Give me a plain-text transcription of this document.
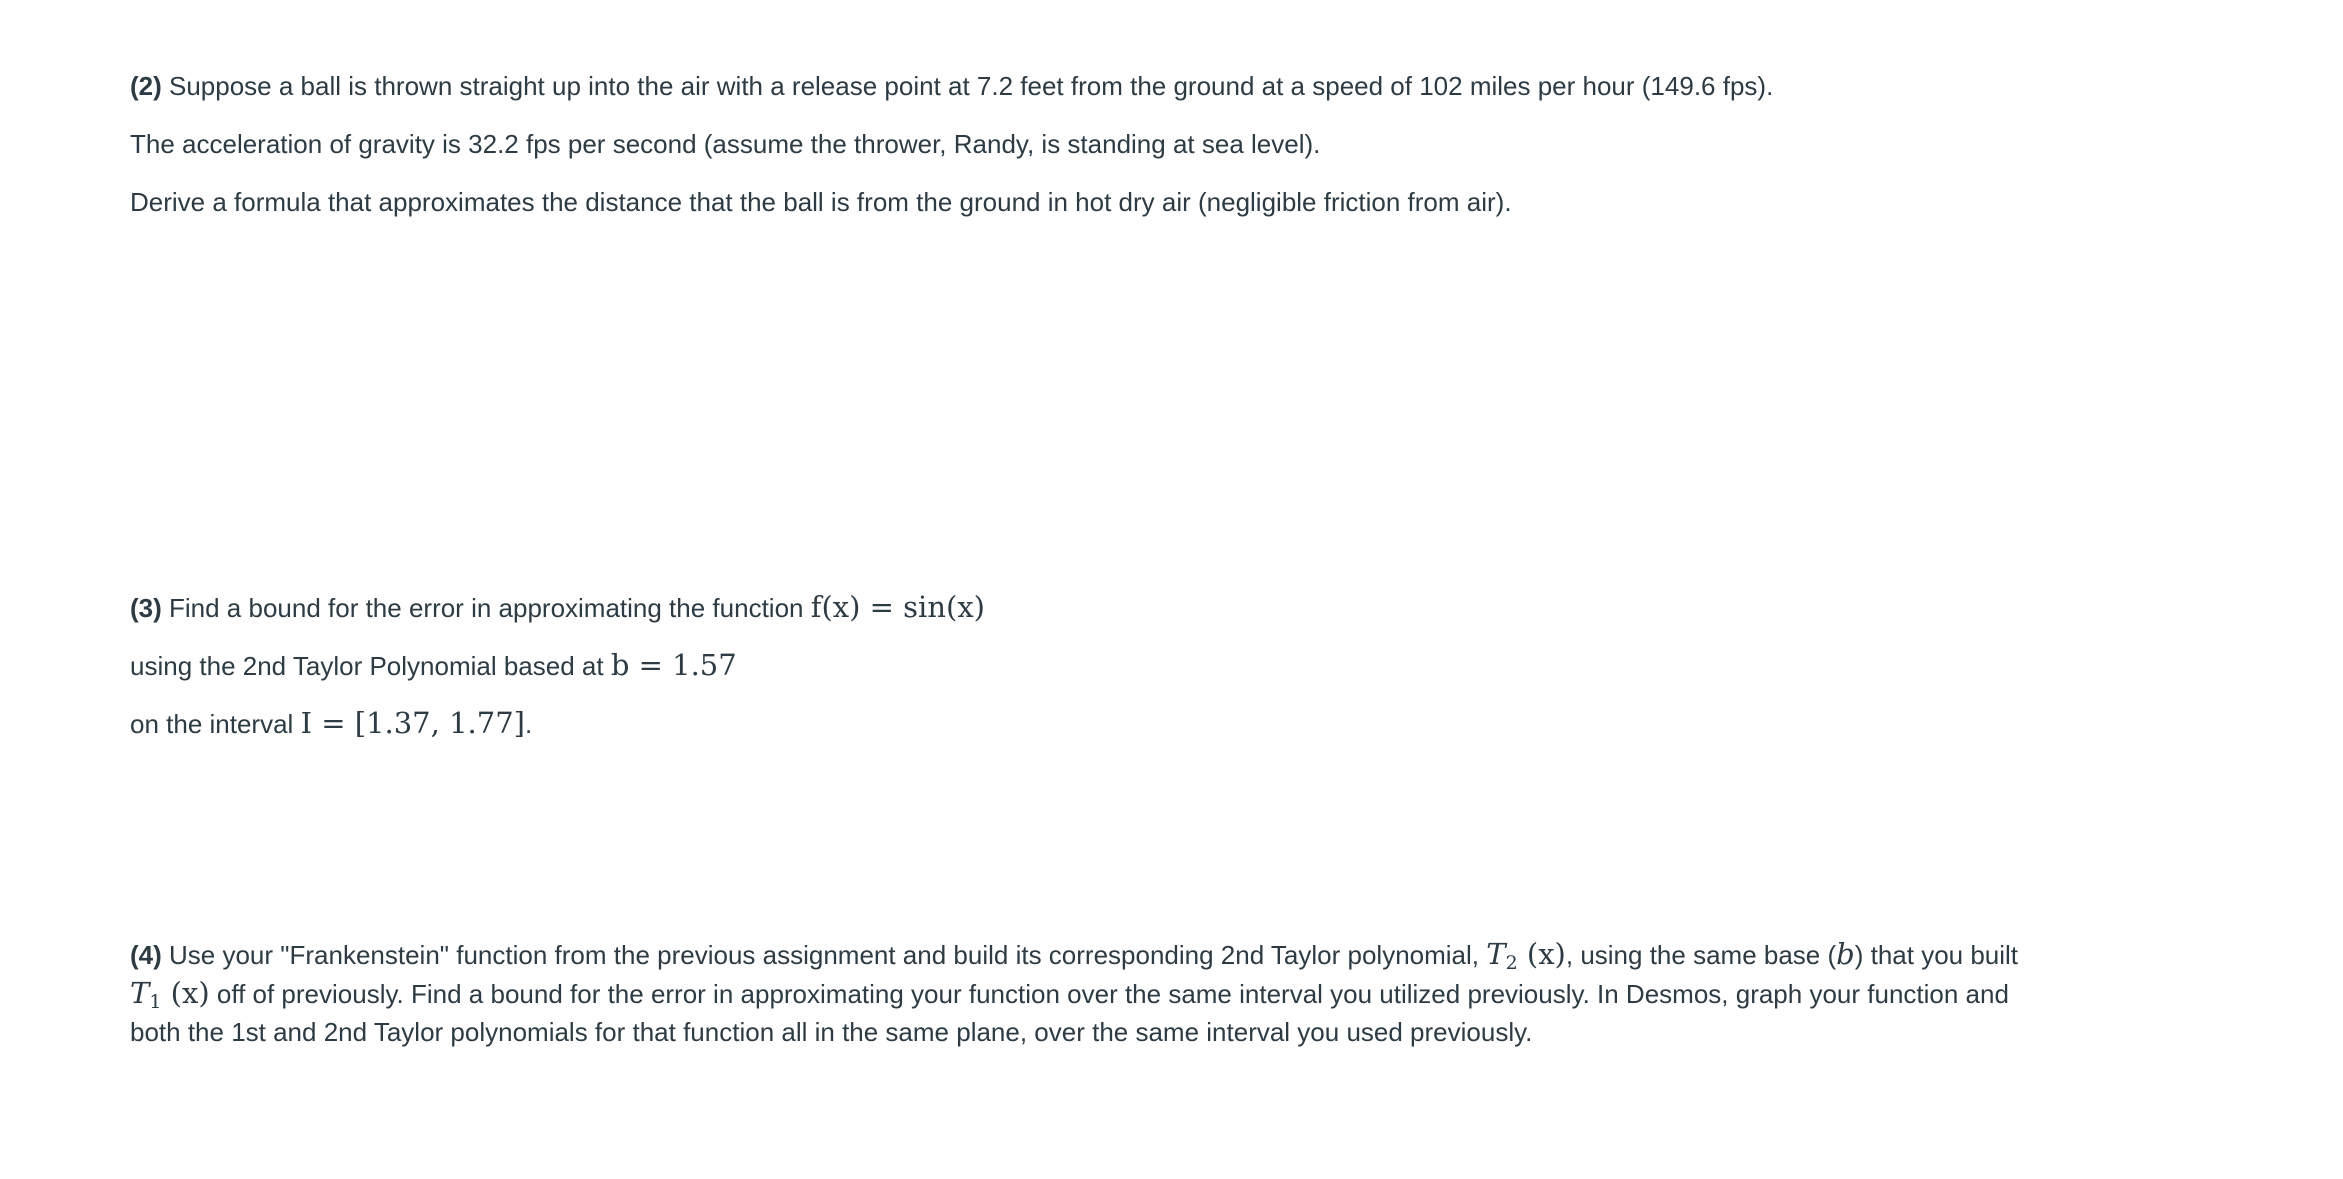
(2) Suppose a ball is thrown straight up into the air with a release point at 7.2 feet from the ground at a speed of 102 miles per hour (149.6 fps).
The acceleration of gravity is 32.2 fps per second (assume the thrower, Randy, is standing at sea level).
Derive a formula that approximates the distance that the ball is from the ground in hot dry air (negligible friction from air).
(3) Find a bound for the error in approximating the function f(x) = sin(x)
using the 2nd Taylor Polynomial based at b = 1.57
on the interval I = [1.37, 1.77].
(4) Use your "Frankenstein" function from the previous assignment and build its corresponding 2nd Taylor polynomial, $T_2$ (x), using the same base (b) that you built $T_1$ (x) off of previously. Find a bound for the error in approximating your function over the same interval you utilized previously. In Desmos, graph your function and both the 1st and 2nd Taylor polynomials for that function all in the same plane, over the same interval you used previously.
